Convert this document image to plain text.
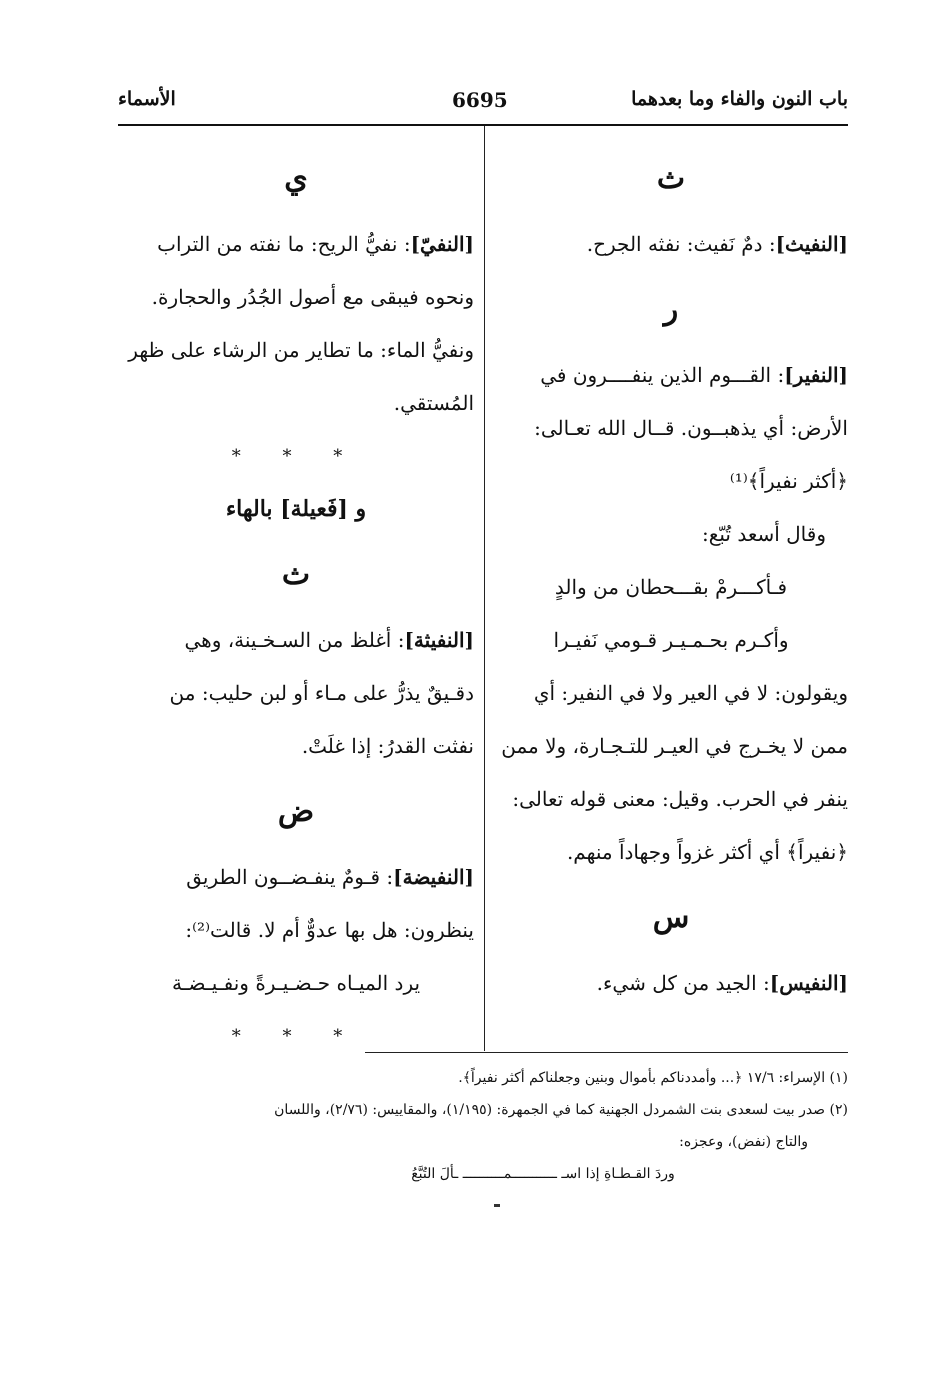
باب النون والفاء وما بعدهما
6695
الأسماء
ث

[النفيث]: دمٌ نَفيث: نفثه الجرح.

ر

[النفير]: القـــوم الذين ينفــــرون في

الأرض: أي يذهبــون. قــال الله تعـالى:

﴿أكثر نفيراً﴾⁽¹⁾

وقال أسعد تُبّع:

فـأكـــرمْ بقـــحطان من والدٍ

وأكـرم بحـمـيـر قـومي نَفيـرا

ويقولون: لا في العير ولا في النفير: أي

ممن لا يخـرج في العيـر للتـجـارة، ولا ممن

ينفر في الحرب. وقيل: معنى قوله تعالى:

﴿نفيراً﴾ أي أكثر غزواً وجهاداً منهم.

س

[النفيس]: الجيد من كل شيء.

ي

[النفيّ]: نفيُّ الريح: ما نفته من التراب

ونحوه فيبقى مع أصول الجُدُر والحجارة.

ونفيُّ الماء: ما تطاير من الرشاء على ظهر

المُستقي.

* * *
و [فَعيلة] بالهاء
ث

[النفيثة]: أغلظ من السـخـينة، وهي

دقـيقٌ يذرُّ على مـاء أو لبن حليب: من

نفثت القدرُ: إذا غلَتْ.

ض

[النفيضة]: قـومٌ ينفـضــون الطريق

ينظرون: هل بها عدوٌّ أم لا. قالت⁽²⁾:

يرد الميـاه حـضـيـرةً ونفـيـضـة

* * *

(١) الإسراء: ١٧/٦ ﴿... وأمددناكم بأموال وبنين وجعلناكم أكثر نفيراً﴾.

(٢) صدر بيت لسعدى بنت الشمردل الجهنية كما في الجمهرة: (١/١٩٥)، والمقاييس: (٢/٧٦)، واللسان

والتاج (نفض)، وعجزه:

وردَ القـطـاةِ إذا اسـ ـــــــــــمــــــــــ ـألَ التُبَّعُ
